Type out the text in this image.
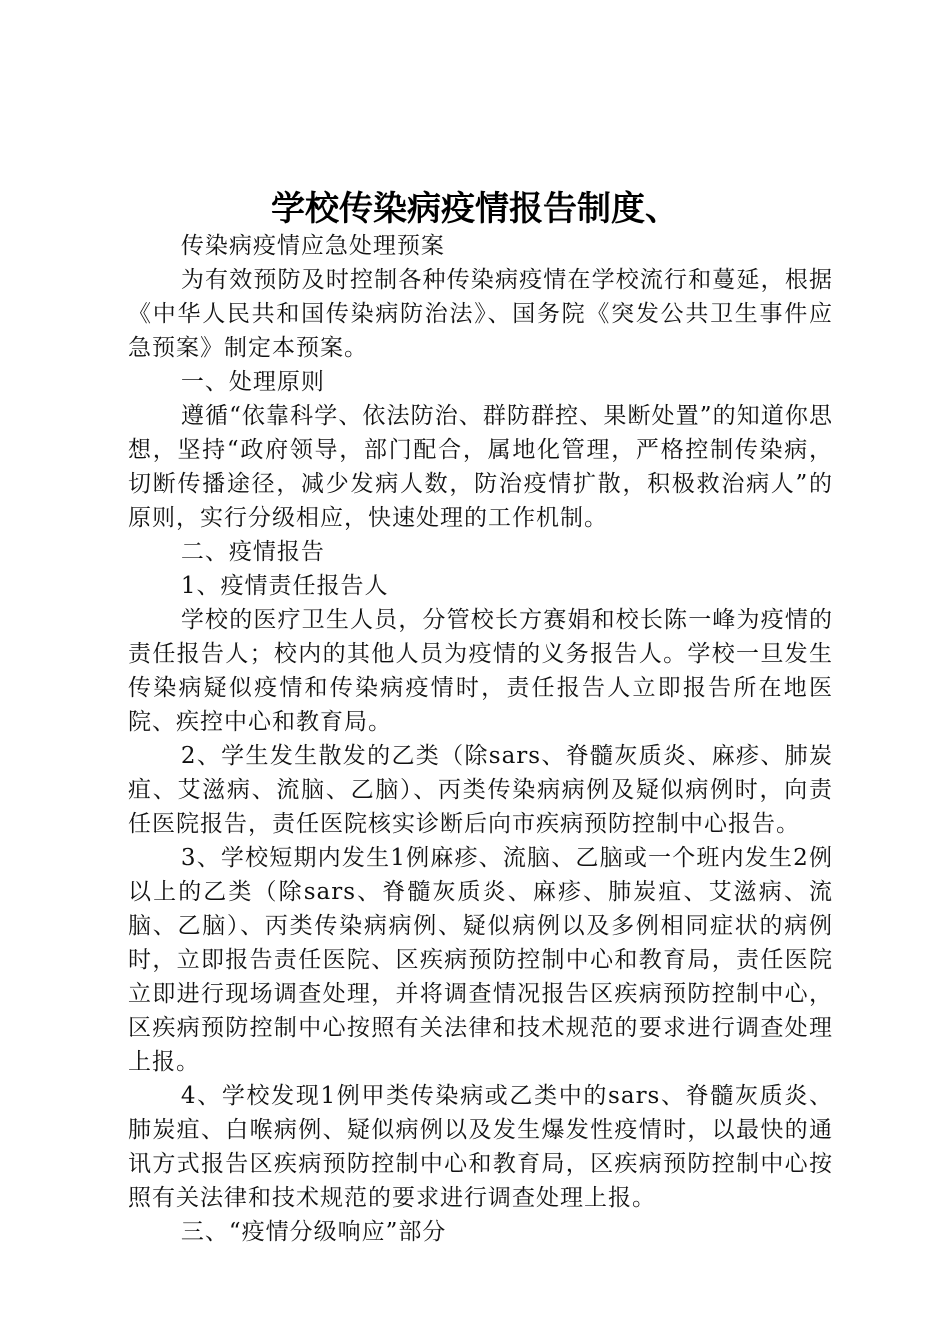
学校传染病疫情报告制度、

传染病疫情应急处理预案

为有效预防及时控制各种传染病疫情在学校流行和蔓延，根据《中华人民共和国传染病防治法》、国务院《突发公共卫生事件应急预案》制定本预案。

一、处理原则

遵循“依靠科学、依法防治、群防群控、果断处置”的知道你思想，坚持“政府领导，部门配合，属地化管理，严格控制传染病，切断传播途径，减少发病人数，防治疫情扩散，积极救治病人”的原则，实行分级相应，快速处理的工作机制。

二、疫情报告

1、疫情责任报告人

学校的医疗卫生人员，分管校长方赛娟和校长陈一峰为疫情的责任报告人；校内的其他人员为疫情的义务报告人。学校一旦发生传染病疑似疫情和传染病疫情时，责任报告人立即报告所在地医院、疾控中心和教育局。

2、学生发生散发的乙类（除sars、脊髓灰质炎、麻疹、肺炭疽、艾滋病、流脑、乙脑）、丙类传染病病例及疑似病例时，向责任医院报告，责任医院核实诊断后向市疾病预防控制中心报告。

3、学校短期内发生1例麻疹、流脑、乙脑或一个班内发生2例以上的乙类（除sars、脊髓灰质炎、麻疹、肺炭疽、艾滋病、流脑、乙脑）、丙类传染病病例、疑似病例以及多例相同症状的病例时，立即报告责任医院、区疾病预防控制中心和教育局，责任医院立即进行现场调查处理，并将调查情况报告区疾病预防控制中心，区疾病预防控制中心按照有关法律和技术规范的要求进行调查处理上报。

4、学校发现1例甲类传染病或乙类中的sars、脊髓灰质炎、肺炭疽、白喉病例、疑似病例以及发生爆发性疫情时，以最快的通讯方式报告区疾病预防控制中心和教育局，区疾病预防控制中心按照有关法律和技术规范的要求进行调查处理上报。

三、“疫情分级响应”部分
